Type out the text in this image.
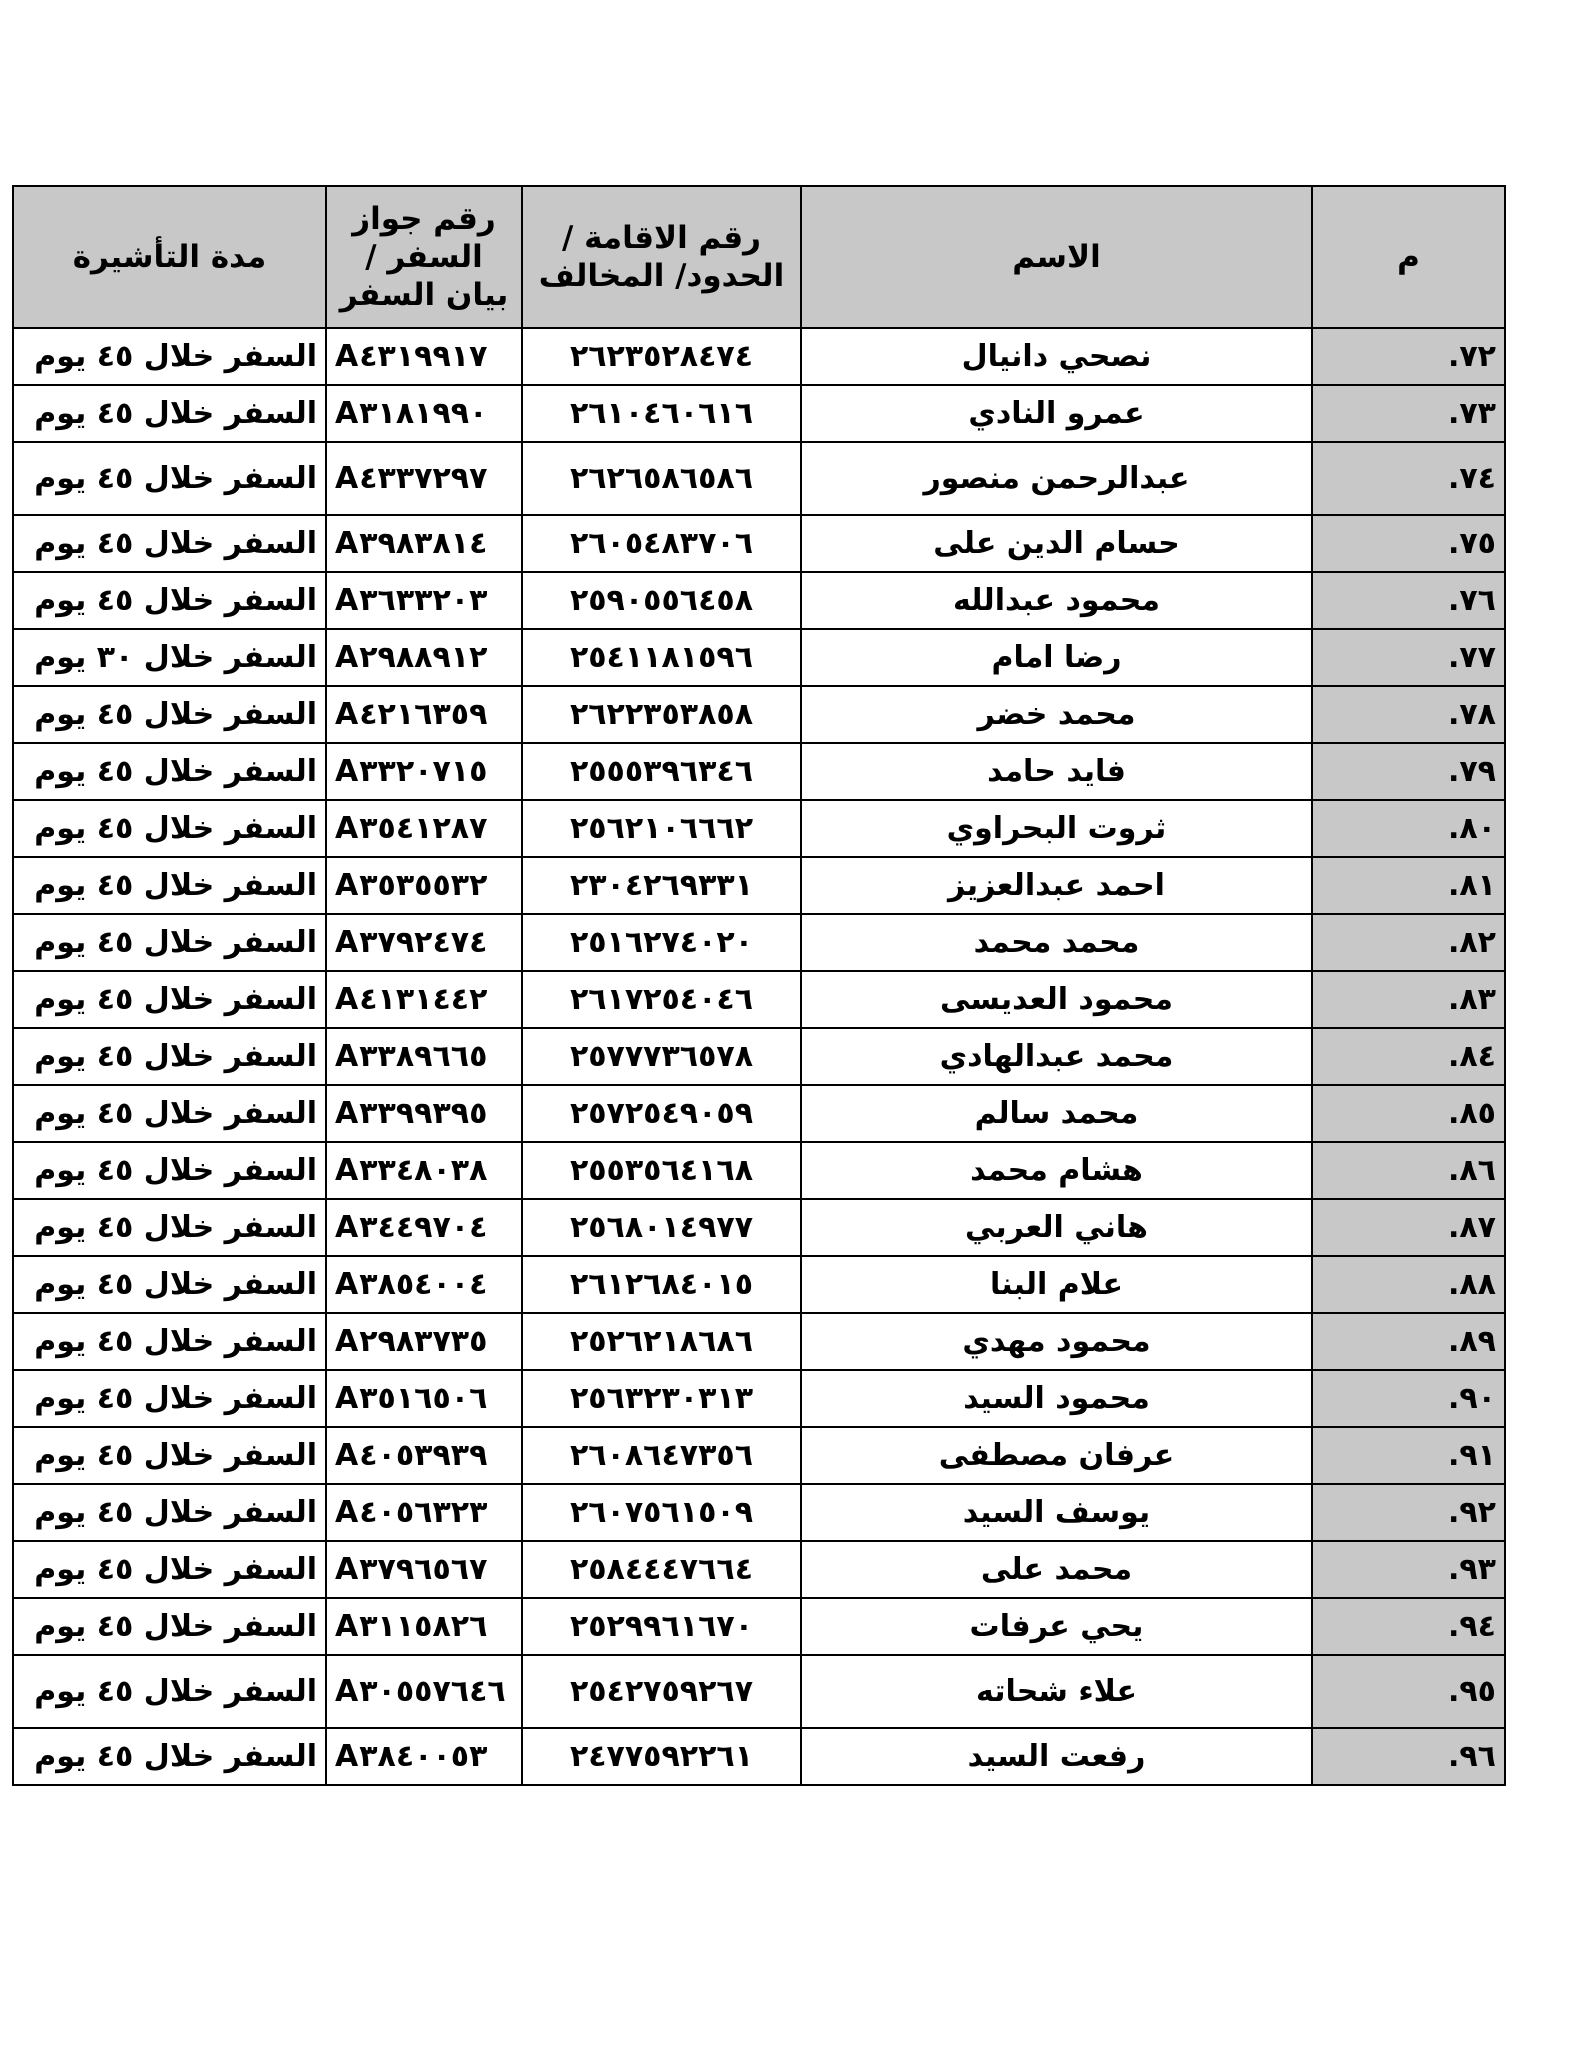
م	الاسم	رقم الاقامة / الحدود/ المخالف	رقم جواز السفر / بيان السفر	مدة التأشيرة
٧٢.	نصحي دانيال	٢٦٢٣٥٢٨٤٧٤	A٤٣١٩٩١٧	السفر خلال ٤٥ يوم
٧٣.	عمرو النادي	٢٦١٠٤٦٠٦١٦	A٣١٨١٩٩٠	السفر خلال ٤٥ يوم
٧٤.	عبدالرحمن منصور	٢٦٢٦٥٨٦٥٨٦	A٤٣٣٧٢٩٧	السفر خلال ٤٥ يوم
٧٥.	حسام الدين على	٢٦٠٥٤٨٣٧٠٦	A٣٩٨٣٨١٤	السفر خلال ٤٥ يوم
٧٦.	محمود عبدالله	٢٥٩٠٥٥٦٤٥٨	A٣٦٣٣٢٠٣	السفر خلال ٤٥ يوم
٧٧.	رضا امام	٢٥٤١١٨١٥٩٦	A٢٩٨٨٩١٢	السفر خلال ٣٠ يوم
٧٨.	محمد خضر	٢٦٢٢٣٥٣٨٥٨	A٤٢١٦٣٥٩	السفر خلال ٤٥ يوم
٧٩.	فايد حامد	٢٥٥٥٣٩٦٣٤٦	A٣٣٢٠٧١٥	السفر خلال ٤٥ يوم
٨٠.	ثروت البحراوي	٢٥٦٢١٠٦٦٦٢	A٣٥٤١٢٨٧	السفر خلال ٤٥ يوم
٨١.	احمد عبدالعزيز	٢٣٠٤٢٦٩٣٣١	A٣٥٣٥٥٣٢	السفر خلال ٤٥ يوم
٨٢.	محمد محمد	٢٥١٦٢٧٤٠٢٠	A٣٧٩٢٤٧٤	السفر خلال ٤٥ يوم
٨٣.	محمود العديسى	٢٦١٧٢٥٤٠٤٦	A٤١٣١٤٤٢	السفر خلال ٤٥ يوم
٨٤.	محمد عبدالهادي	٢٥٧٧٧٣٦٥٧٨	A٣٣٨٩٦٦٥	السفر خلال ٤٥ يوم
٨٥.	محمد سالم	٢٥٧٢٥٤٩٠٥٩	A٣٣٩٩٣٩٥	السفر خلال ٤٥ يوم
٨٦.	هشام محمد	٢٥٥٣٥٦٤١٦٨	A٣٣٤٨٠٣٨	السفر خلال ٤٥ يوم
٨٧.	هاني العربي	٢٥٦٨٠١٤٩٧٧	A٣٤٤٩٧٠٤	السفر خلال ٤٥ يوم
٨٨.	علام البنا	٢٦١٢٦٨٤٠١٥	A٣٨٥٤٠٠٤	السفر خلال ٤٥ يوم
٨٩.	محمود مهدي	٢٥٢٦٢١٨٦٨٦	A٢٩٨٣٧٣٥	السفر خلال ٤٥ يوم
٩٠.	محمود السيد	٢٥٦٣٢٣٠٣١٣	A٣٥١٦٥٠٦	السفر خلال ٤٥ يوم
٩١.	عرفان مصطفى	٢٦٠٨٦٤٧٣٥٦	A٤٠٥٣٩٣٩	السفر خلال ٤٥ يوم
٩٢.	يوسف السيد	٢٦٠٧٥٦١٥٠٩	A٤٠٥٦٣٢٣	السفر خلال ٤٥ يوم
٩٣.	محمد على	٢٥٨٤٤٤٧٦٦٤	A٣٧٩٦٥٦٧	السفر خلال ٤٥ يوم
٩٤.	يحي عرفات	٢٥٢٩٩٦١٦٧٠	A٣١١٥٨٢٦	السفر خلال ٤٥ يوم
٩٥.	علاء شحاته	٢٥٤٢٧٥٩٢٦٧	A٣٠٥٥٧٦٤٦	السفر خلال ٤٥ يوم
٩٦.	رفعت السيد	٢٤٧٧٥٩٢٢٦١	A٣٨٤٠٠٥٣	السفر خلال ٤٥ يوم
